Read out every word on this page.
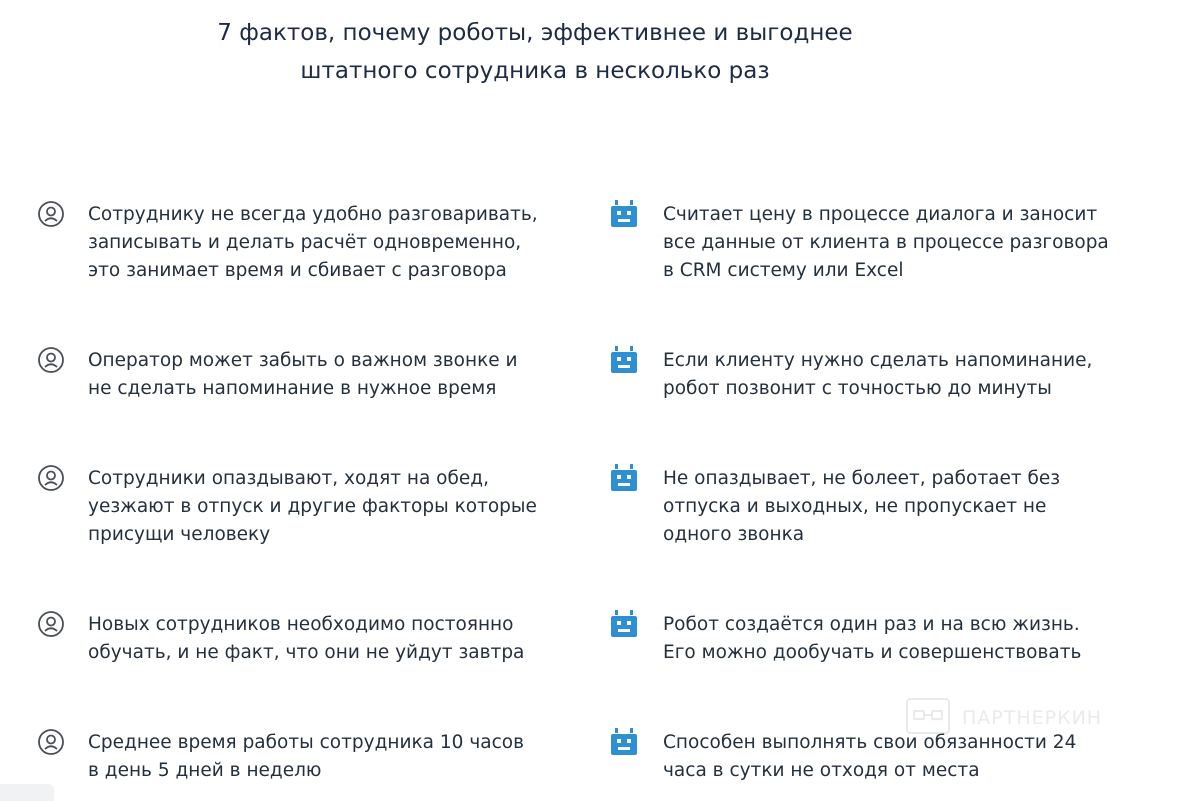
7 фактов, почему роботы, эффективнее и выгоднее
штатного сотрудника в несколько раз
Сотруднику не всегда удобно разговаривать,
записывать и делать расчёт одновременно,
это занимает время и сбивает с разговора
Считает цену в процессе диалога и заносит
все данные от клиента в процессе разговора
в CRM систему или Excel
Оператор может забыть о важном звонке и
не сделать напоминание в нужное время
Если клиенту нужно сделать напоминание,
робот позвонит с точностью до минуты
Сотрудники опаздывают, ходят на обед,
уезжают в отпуск и другие факторы которые
присущи человеку
Не опаздывает, не болеет, работает без
отпуска и выходных, не пропускает не
одного звонка
Новых сотрудников необходимо постоянно
обучать, и не факт, что они не уйдут завтра
Робот создаётся один раз и на всю жизнь.
Его можно дообучать и совершенствовать
Среднее время работы сотрудника 10 часов
в день 5 дней в неделю
Способен выполнять свои обязанности 24
часа в сутки не отходя от места
ПАРТНЕРКИН
